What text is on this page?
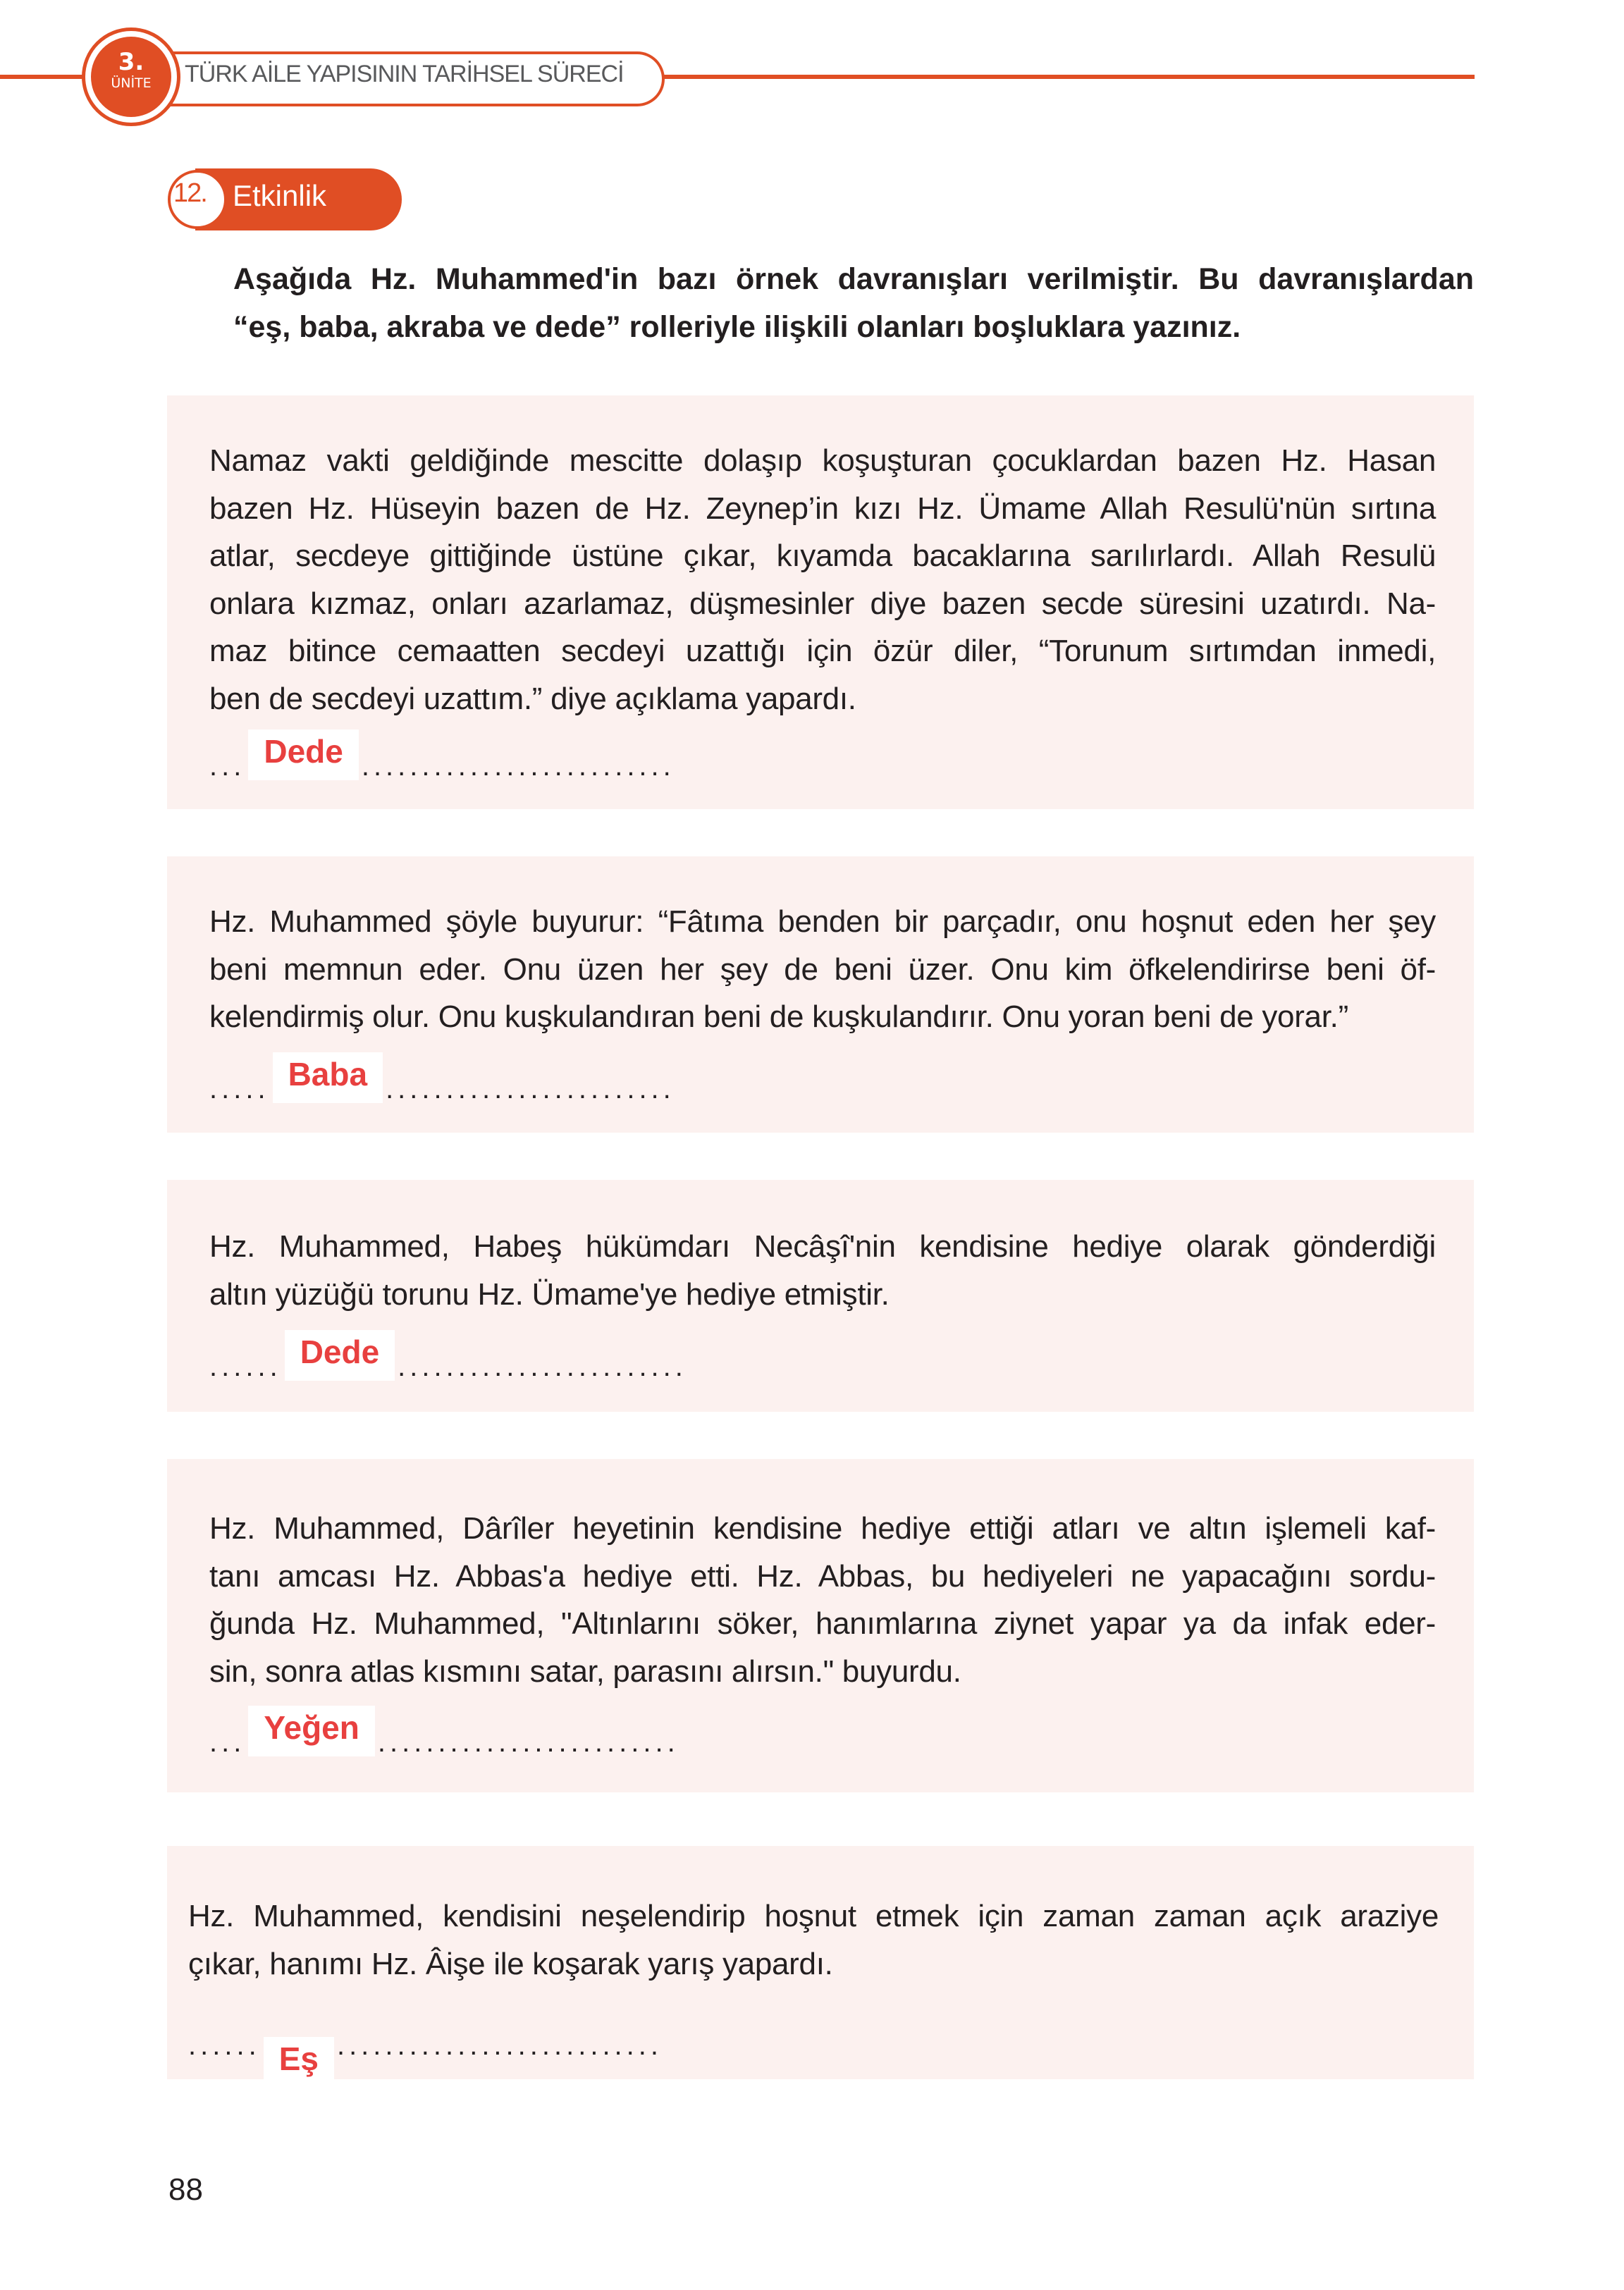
TÜRK AİLE YAPISININ TARİHSEL SÜRECİ
3.
ÜNİTE
12. Etkinlik
Aşağıda Hz. Muhammed'in bazı örnek davranışları verilmiştir. Bu davranışlardan
“eş, baba, akraba ve dede” rolleriyle ilişkili olanları boşluklara yazınız.
Namaz vakti geldiğinde mescitte dolaşıp koşuşturan çocuklardan bazen Hz. Hasan
bazen Hz. Hüseyin bazen de Hz. Zeynep’in kızı Hz. Ümame Allah Resulü'nün sırtına
atlar, secdeye gittiğinde üstüne çıkar, kıyamda bacaklarına sarılırlardı. Allah Resulü
onlara kızmaz, onları azarlamaz, düşmesinler diye bazen secde süresini uzatırdı. Na-
maz bitince cemaatten secdeyi uzattığı için özür diler, “Torunum sırtımdan inmedi,
ben de secdeyi uzattım.” diye açıklama yapardı.
... Dede ..........................
Hz. Muhammed şöyle buyurur: “Fâtıma benden bir parçadır, onu hoşnut eden her şey
beni memnun eder. Onu üzen her şey de beni üzer. Onu kim öfkelendirirse beni öf-
kelendirmiş olur. Onu kuşkulandıran beni de kuşkulandırır. Onu yoran beni de yorar.”
..... Baba ........................
Hz. Muhammed, Habeş hükümdarı Necâşî'nin kendisine hediye olarak gönderdiği
altın yüzüğü torunu Hz. Ümame'ye hediye etmiştir.
...... Dede ........................
Hz. Muhammed, Dârîler heyetinin kendisine hediye ettiği atları ve altın işlemeli kaf-
tanı amcası Hz. Abbas'a hediye etti. Hz. Abbas, bu hediyeleri ne yapacağını sordu-
ğunda Hz. Muhammed, "Altınlarını söker, hanımlarına ziynet yapar ya da infak eder-
sin, sonra atlas kısmını satar, parasını alırsın." buyurdu.
... Yeğen .........................
Hz. Muhammed, kendisini neşelendirip hoşnut etmek için zaman zaman açık araziye
çıkar, hanımı Hz. Âişe ile koşarak yarış yapardı.
...... Eş ...........................
88
